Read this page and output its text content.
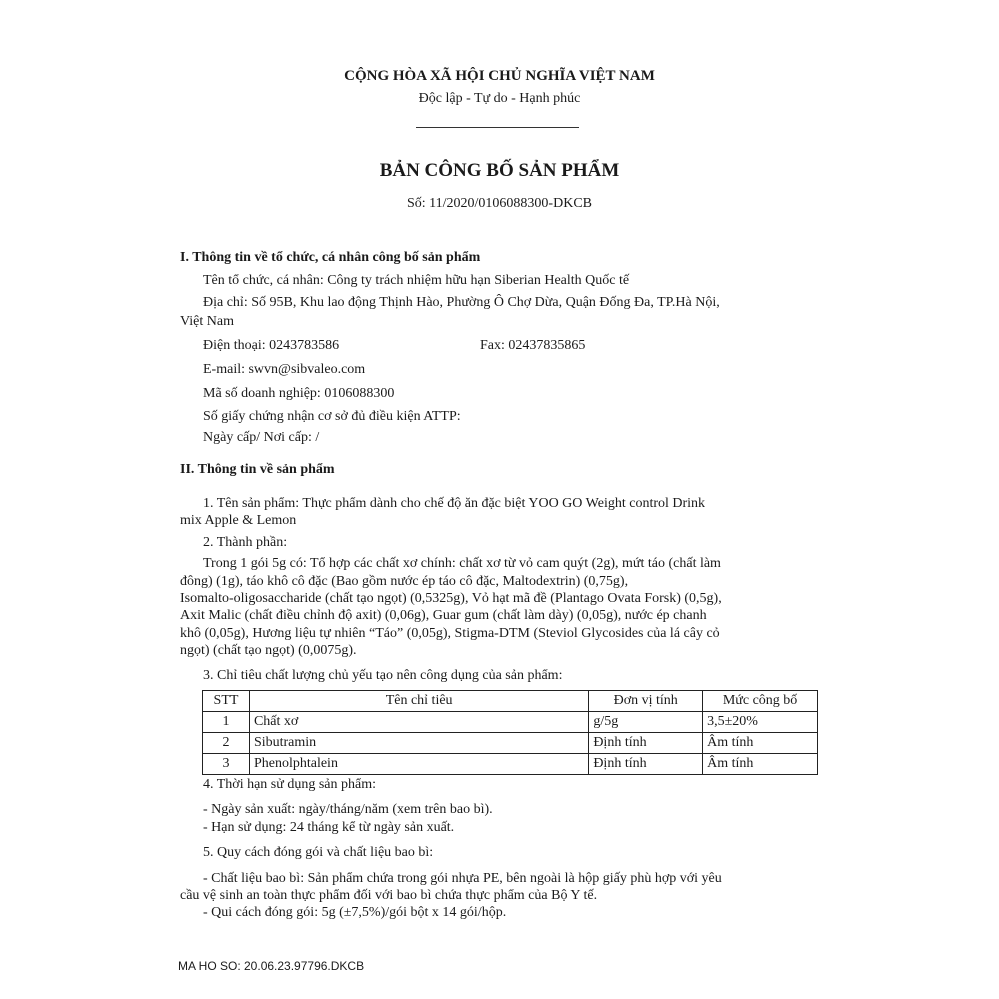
CỘNG HÒA XÃ HỘI CHỦ NGHĨA VIỆT NAM
Độc lập - Tự do - Hạnh phúc
BẢN CÔNG BỐ SẢN PHẨM
Số: 11/2020/0106088300-DKCB
I. Thông tin về tổ chức, cá nhân công bố sản phẩm
Tên tổ chức, cá nhân: Công ty trách nhiệm hữu hạn Siberian Health Quốc tế
Địa chỉ: Số 95B, Khu lao động Thịnh Hào, Phường Ô Chợ Dừa, Quận Đống Đa, TP.Hà Nội,
Việt Nam
Điện thoại: 0243783586	Fax: 02437835865
E-mail: swvn@sibvaleo.com
Mã số doanh nghiệp: 0106088300
Số giấy chứng nhận cơ sở đủ điều kiện ATTP:
Ngày cấp/ Nơi cấp: /
II. Thông tin về sản phẩm
1. Tên sản phẩm: Thực phẩm dành cho chế độ ăn đặc biệt YOO GO Weight control Drink
mix Apple & Lemon
2. Thành phần:
Trong 1 gói 5g có: Tổ hợp các chất xơ chính: chất xơ từ vỏ cam quýt (2g), mứt táo (chất làm
đông) (1g), táo khô cô đặc (Bao gồm nước ép táo cô đặc, Maltodextrin) (0,75g),
Isomalto-oligosaccharide (chất tạo ngọt) (0,5325g), Vỏ hạt mã đề (Plantago Ovata Forsk) (0,5g),
Axit Malic (chất điều chỉnh độ axit) (0,06g), Guar gum (chất làm dày) (0,05g), nước ép chanh
khô (0,05g), Hương liệu tự nhiên “Táo” (0,05g), Stigma-DTM (Steviol Glycosides của lá cây cỏ
ngọt) (chất tạo ngọt) (0,0075g).
3. Chỉ tiêu chất lượng chủ yếu tạo nên công dụng của sản phẩm:
STT	Tên chỉ tiêu	Đơn vị tính	Mức công bố
1	Chất xơ	g/5g	3,5±20%
2	Sibutramin	Định tính	Âm tính
3	Phenolphtalein	Định tính	Âm tính
4. Thời hạn sử dụng sản phẩm:
- Ngày sản xuất: ngày/tháng/năm (xem trên bao bì).
- Hạn sử dụng: 24 tháng kể từ ngày sản xuất.
5. Quy cách đóng gói và chất liệu bao bì:
- Chất liệu bao bì: Sản phẩm chứa trong gói nhựa PE, bên ngoài là hộp giấy phù hợp với yêu
cầu vệ sinh an toàn thực phẩm đối với bao bì chứa thực phẩm của Bộ Y tế.
- Qui cách đóng gói: 5g (±7,5%)/gói bột x 14 gói/hộp.
MA HO SO: 20.06.23.97796.DKCB
